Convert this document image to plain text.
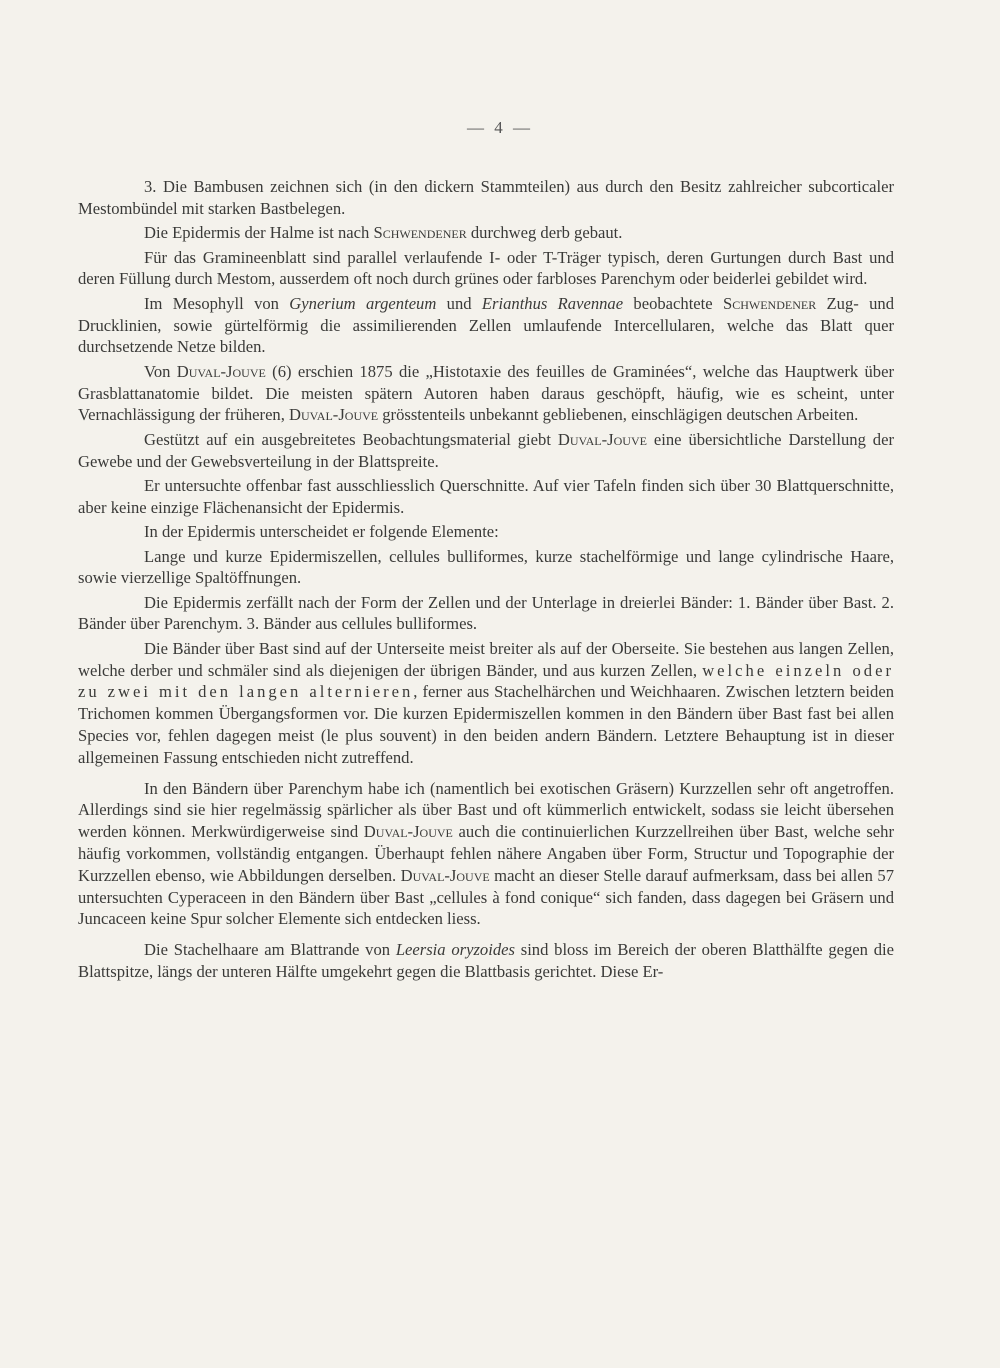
— 4 —

3. Die Bambusen zeichnen sich (in den dickern Stammteilen) aus durch den Besitz zahlreicher subcorticaler Mestombündel mit starken Bastbelegen.

Die Epidermis der Halme ist nach Schwendener durchweg derb gebaut.

Für das Gramineenblatt sind parallel verlaufende I- oder T-Träger typisch, deren Gurtungen durch Bast und deren Füllung durch Mestom, ausserdem oft noch durch grünes oder farbloses Parenchym oder beiderlei gebildet wird.

Im Mesophyll von Gynerium argenteum und Erianthus Ravennae beobachtete Schwendener Zug- und Drucklinien, sowie gürtelförmig die assimilierenden Zellen umlaufende Intercellularen, welche das Blatt quer durchsetzende Netze bilden.

Von Duval-Jouve (6) erschien 1875 die „Histotaxie des feuilles de Graminées“, welche das Hauptwerk über Grasblattanatomie bildet. Die meisten spätern Autoren haben daraus geschöpft, häufig, wie es scheint, unter Vernachlässigung der früheren, Duval-Jouve grösstenteils unbekannt gebliebenen, einschlägigen deutschen Arbeiten.

Gestützt auf ein ausgebreitetes Beobachtungsmaterial giebt Duval-Jouve eine übersichtliche Darstellung der Gewebe und der Gewebsverteilung in der Blattspreite.

Er untersuchte offenbar fast ausschliesslich Querschnitte. Auf vier Tafeln finden sich über 30 Blattquerschnitte, aber keine einzige Flächenansicht der Epidermis.

In der Epidermis unterscheidet er folgende Elemente:

Lange und kurze Epidermiszellen, cellules bulliformes, kurze stachelförmige und lange cylindrische Haare, sowie vierzellige Spaltöffnungen.

Die Epidermis zerfällt nach der Form der Zellen und der Unterlage in dreierlei Bänder: 1. Bänder über Bast. 2. Bänder über Parenchym. 3. Bänder aus cellules bulliformes.

Die Bänder über Bast sind auf der Unterseite meist breiter als auf der Oberseite. Sie bestehen aus langen Zellen, welche derber und schmäler sind als diejenigen der übrigen Bänder, und aus kurzen Zellen, welche einzeln oder zu zwei mit den langen alternieren, ferner aus Stachelhärchen und Weichhaaren. Zwischen letztern beiden Trichomen kommen Übergangsformen vor. Die kurzen Epidermiszellen kommen in den Bändern über Bast fast bei allen Species vor, fehlen dagegen meist (le plus souvent) in den beiden andern Bändern. Letztere Behauptung ist in dieser allgemeinen Fassung entschieden nicht zutreffend.

In den Bändern über Parenchym habe ich (namentlich bei exotischen Gräsern) Kurzzellen sehr oft angetroffen. Allerdings sind sie hier regelmässig spärlicher als über Bast und oft kümmerlich entwickelt, sodass sie leicht übersehen werden können. Merkwürdigerweise sind Duval-Jouve auch die continuierlichen Kurzzellreihen über Bast, welche sehr häufig vorkommen, vollständig entgangen. Überhaupt fehlen nähere Angaben über Form, Structur und Topographie der Kurzzellen ebenso, wie Abbildungen derselben. Duval-Jouve macht an dieser Stelle darauf aufmerksam, dass bei allen 57 untersuchten Cyperaceen in den Bändern über Bast „cellules à fond conique“ sich fanden, dass dagegen bei Gräsern und Juncaceen keine Spur solcher Elemente sich entdecken liess.

Die Stachelhaare am Blattrande von Leersia oryzoides sind bloss im Bereich der oberen Blatthälfte gegen die Blattspitze, längs der unteren Hälfte umgekehrt gegen die Blattbasis gerichtet. Diese Er-
